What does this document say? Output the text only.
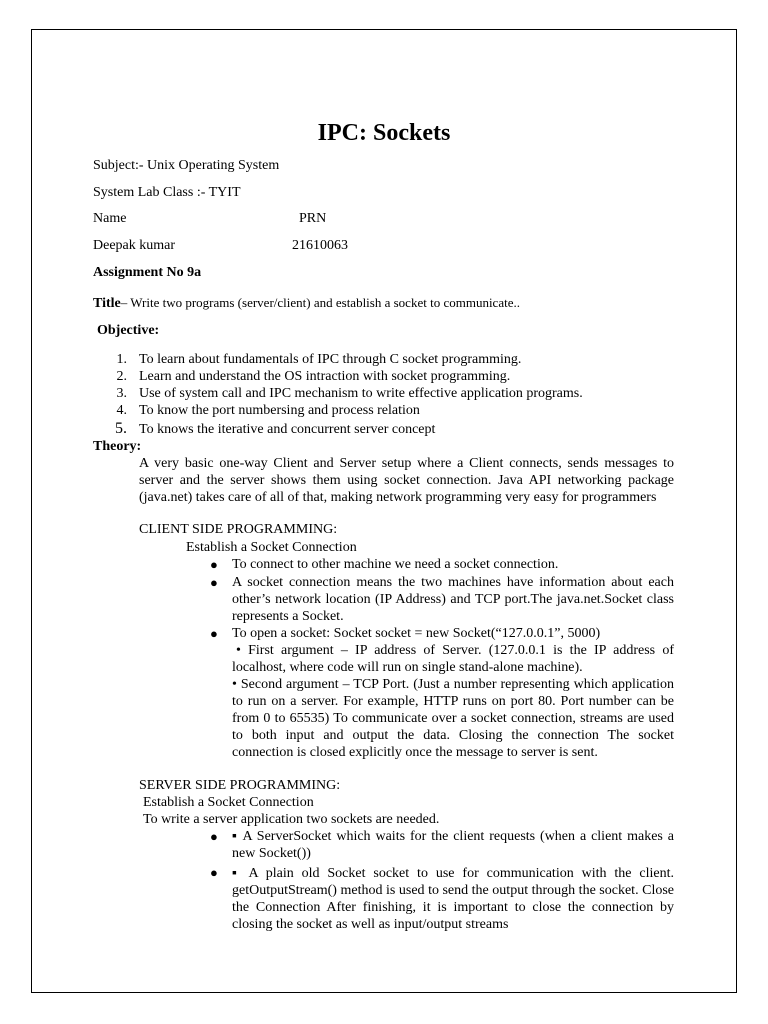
IPC: Sockets
Subject:- Unix Operating System
System Lab Class :- TYIT
Name	PRN
Deepak kumar	21610063
Assignment No 9a
Title– Write two programs (server/client) and establish a socket to communicate..
Objective:
1. To learn about fundamentals of IPC through C socket programming.
2. Learn and understand the OS intraction with socket programming.
3. Use of system call and IPC mechanism to write effective application programs.
4. To know the port numbersing and process relation
5. To knows the iterative and concurrent server concept
Theory:
A very basic one-way Client and Server setup where a Client connects, sends messages to server and the server shows them using socket connection. Java API networking package (java.net) takes care of all of that, making network programming very easy for programmers
CLIENT SIDE PROGRAMMING:
Establish a Socket Connection
● To connect to other machine we need a socket connection.
● A socket connection means the two machines have information about each other’s network location (IP Address) and TCP port.The java.net.Socket class represents a Socket.
● To open a socket: Socket socket = new Socket(“127.0.0.1”, 5000)
• First argument – IP address of Server. (127.0.0.1 is the IP address of localhost, where code will run on single stand-alone machine).
• Second argument – TCP Port. (Just a number representing which application to run on a server. For example, HTTP runs on port 80. Port number can be from 0 to 65535) To communicate over a socket connection, streams are used to both input and output the data. Closing the connection The socket connection is closed explicitly once the message to server is sent.
SERVER SIDE PROGRAMMING:
Establish a Socket Connection
To write a server application two sockets are needed.
● ▪ A ServerSocket which waits for the client requests (when a client makes a new Socket())
● ▪ A plain old Socket socket to use for communication with the client. getOutputStream() method is used to send the output through the socket. Close the Connection After finishing, it is important to close the connection by closing the socket as well as input/output streams
